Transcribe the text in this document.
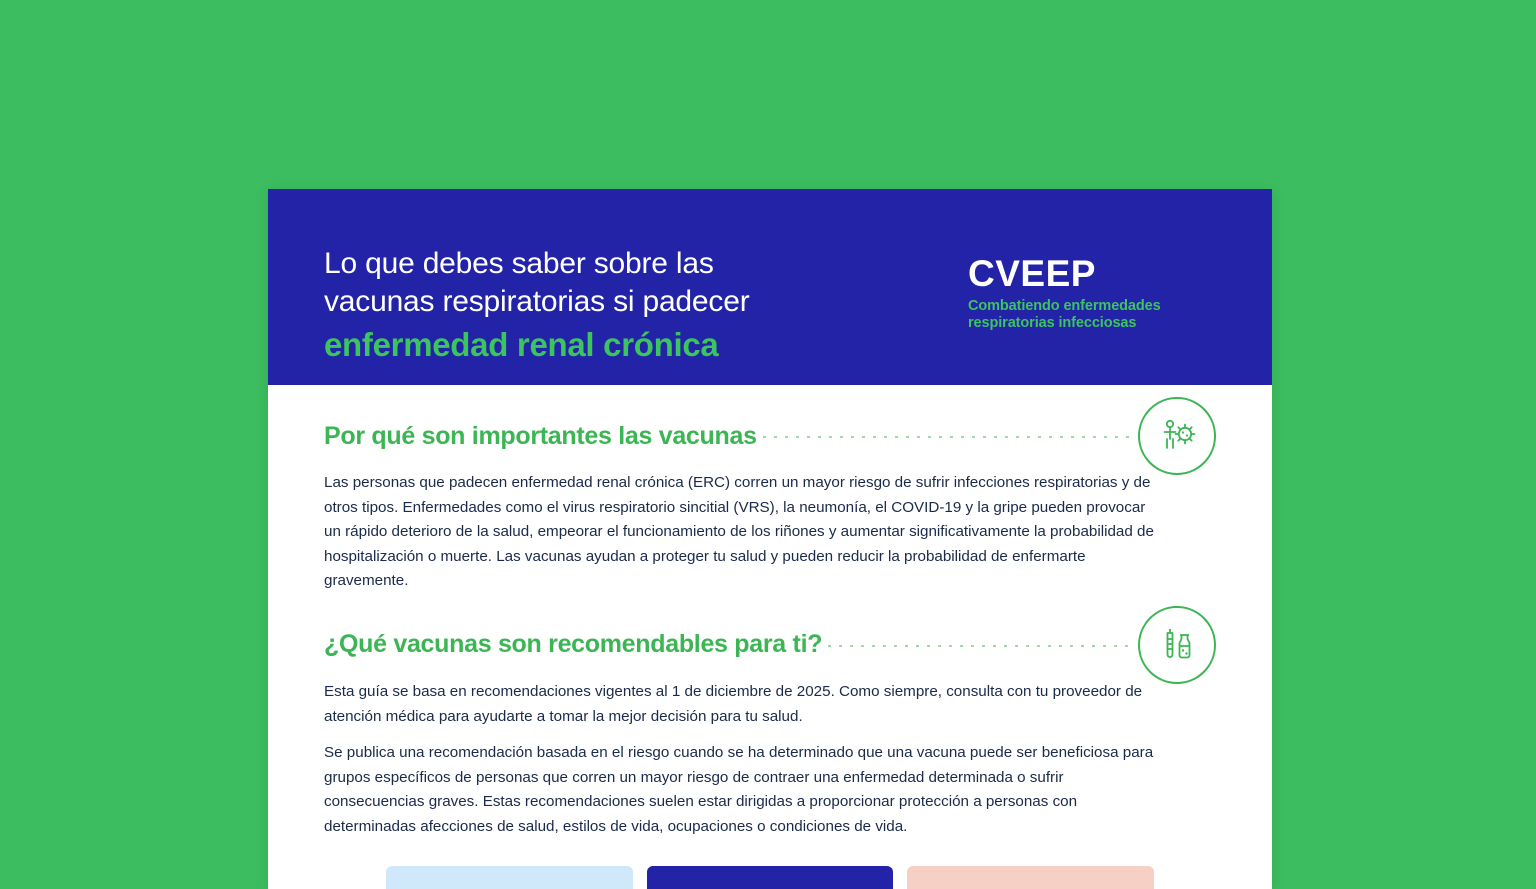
Lo que debes saber sobre las
vacunas respiratorias si padecer
enfermedad renal crónica
CVEEP
Combatiendo enfermedades
respiratorias infecciosas
Por qué son importantes las vacunas

Las personas que padecen enfermedad renal crónica (ERC) corren un mayor riesgo de sufrir infecciones respiratorias y de otros tipos. Enfermedades como el virus respiratorio sincitial (VRS), la neumonía, el COVID-19 y la gripe pueden provocar un rápido deterioro de la salud, empeorar el funcionamiento de los riñones y aumentar significativamente la probabilidad de hospitalización o muerte. Las vacunas ayudan a proteger tu salud y pueden reducir la probabilidad de enfermarte gravemente.

¿Qué vacunas son recomendables para ti?

Esta guía se basa en recomendaciones vigentes al 1 de diciembre de 2025. Como siempre, consulta con tu proveedor de atención médica para ayudarte a tomar la mejor decisión para tu salud.

Se publica una recomendación basada en el riesgo cuando se ha determinado que una vacuna puede ser beneficiosa para grupos específicos de personas que corren un mayor riesgo de contraer una enfermedad determinada o sufrir consecuencias graves. Estas recomendaciones suelen estar dirigidas a proporcionar protección a personas con determinadas afecciones de salud, estilos de vida, ocupaciones o condiciones de vida.
